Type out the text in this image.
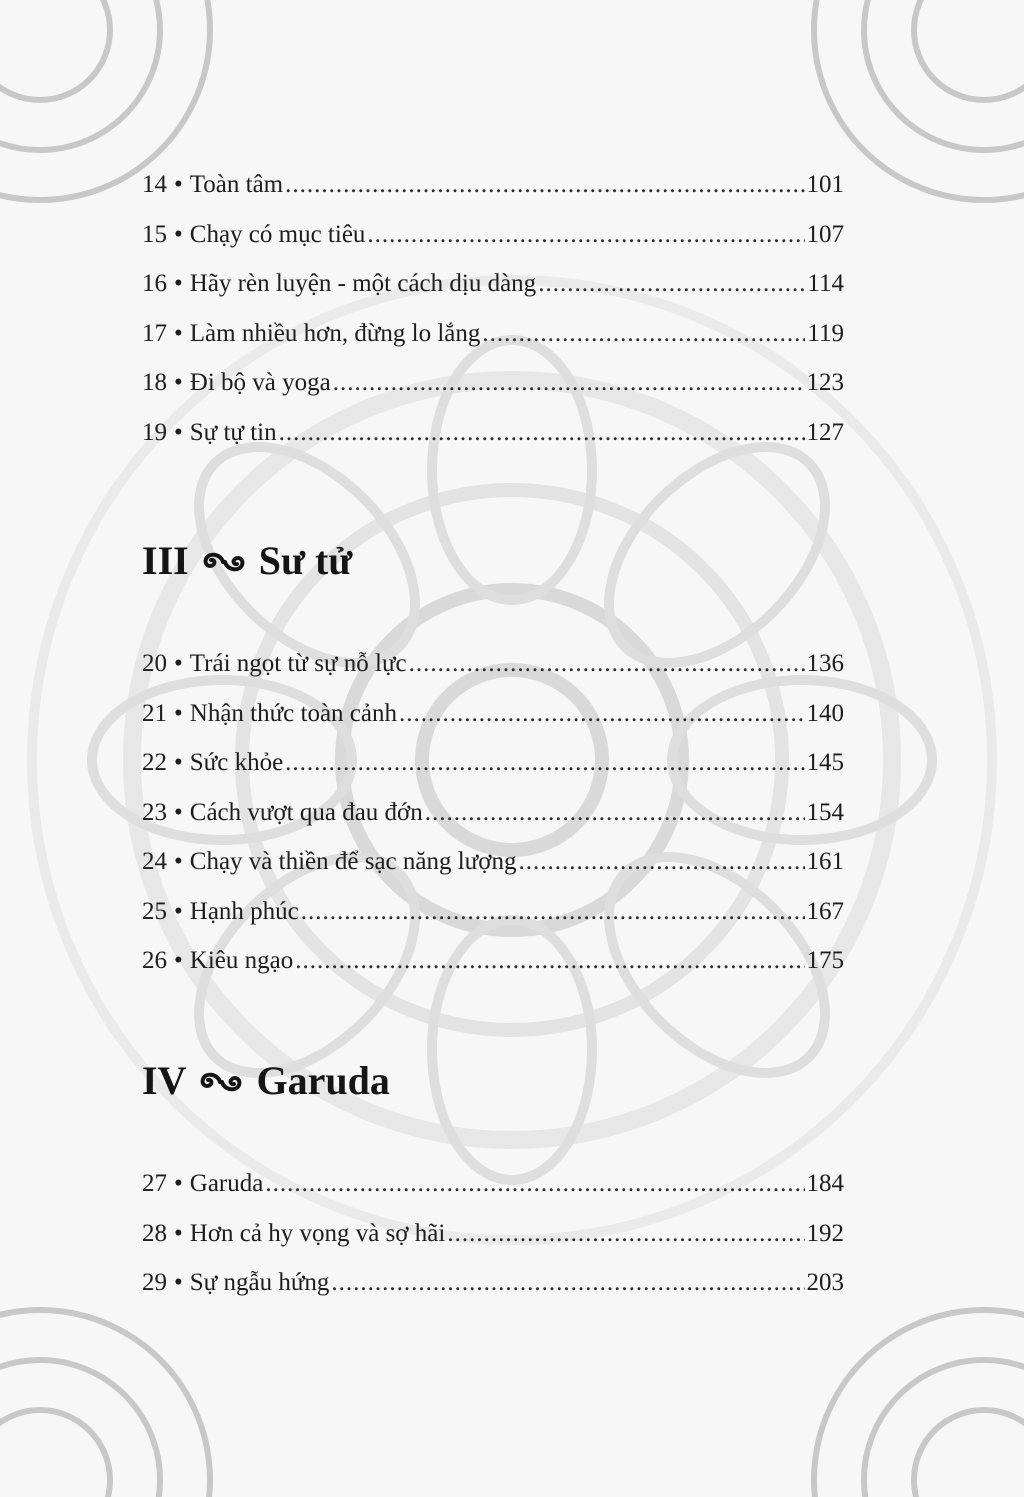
14 • Toàn tâm .....	101
15 • Chạy có mục tiêu .....	107
16 • Hãy rèn luyện - một cách dịu dàng .....	114
17 • Làm nhiều hơn, đừng lo lắng .....	119
18 • Đi bộ và yoga .....	123
19 • Sự tự tin .....	127
III Sư tử
20 • Trái ngọt từ sự nỗ lực .....	136
21 • Nhận thức toàn cảnh .....	140
22 • Sức khỏe .....	145
23 • Cách vượt qua đau đớn .....	154
24 • Chạy và thiền để sạc năng lượng .....	161
25 • Hạnh phúc .....	167
26 • Kiêu ngạo .....	175
IV Garuda
27 • Garuda .....	184
28 • Hơn cả hy vọng và sợ hãi .....	192
29 • Sự ngẫu hứng .....	203
